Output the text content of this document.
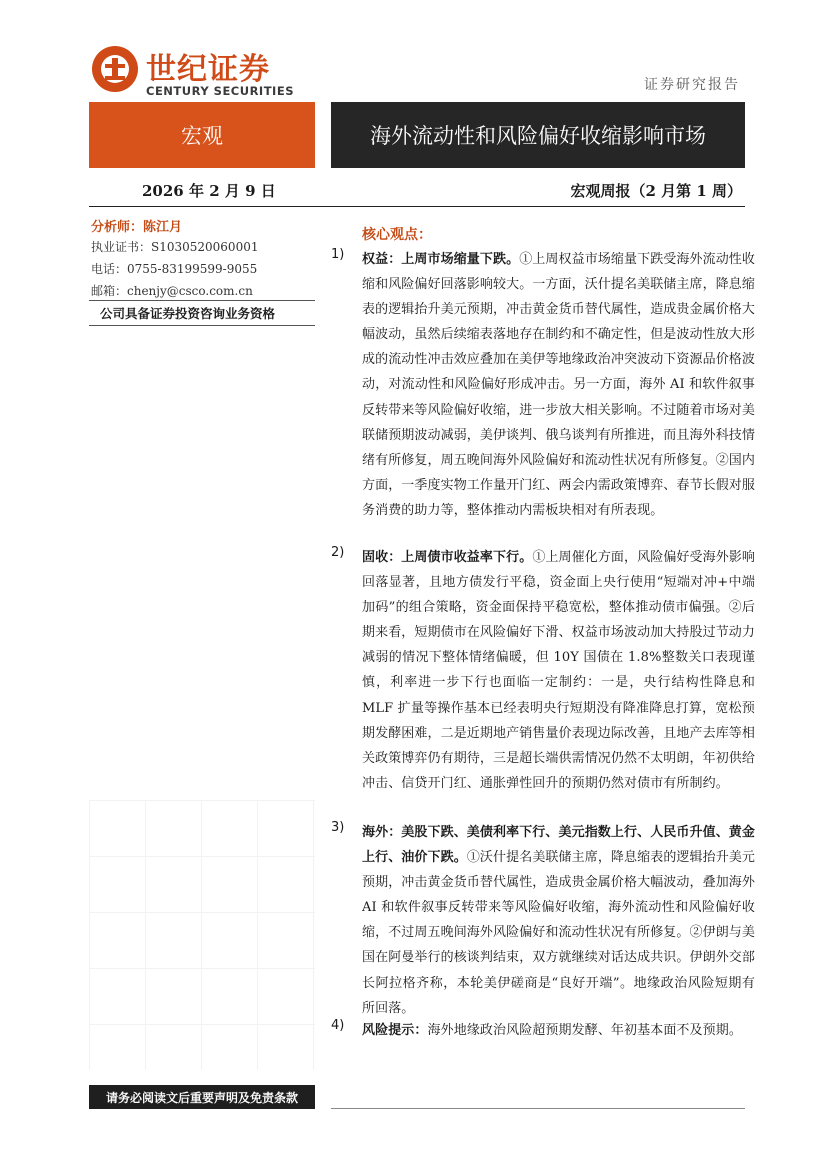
世纪证券
CENTURY SECURITIES	证券研究报告
宏观	海外流动性和风险偏好收缩影响市场
2026 年 2 月 9 日	宏观周报（2 月第 1 周）
分析师：陈江月
执业证书：S1030520060001
电话：0755-83199599-9055
邮箱：chenjy@csco.com.cn
公司具备证券投资咨询业务资格
请务必阅读文后重要声明及免责条款
核心观点：
1) 权益：上周市场缩量下跌。①上周权益市场缩量下跌受海外流动性收缩和风险偏好回落影响较大。一方面，沃什提名美联储主席，降息缩表的逻辑抬升美元预期，冲击黄金货币替代属性，造成贵金属价格大幅波动，虽然后续缩表落地存在制约和不确定性，但是波动性放大形成的流动性冲击效应叠加在美伊等地缘政治冲突波动下资源品价格波动，对流动性和风险偏好形成冲击。另一方面，海外 AI 和软件叙事反转带来等风险偏好收缩，进一步放大相关影响。不过随着市场对美联储预期波动减弱，美伊谈判、俄乌谈判有所推进，而且海外科技情绪有所修复，周五晚间海外风险偏好和流动性状况有所修复。②国内方面，一季度实物工作量开门红、两会内需政策博弈、春节长假对服务消费的助力等，整体推动内需板块相对有所表现。
2) 固收：上周债市收益率下行。①上周催化方面，风险偏好受海外影响回落显著，且地方债发行平稳，资金面上央行使用“短端对冲+中端加码”的组合策略，资金面保持平稳宽松，整体推动债市偏强。②后期来看，短期债市在风险偏好下滑、权益市场波动加大持股过节动力减弱的情况下整体情绪偏暖，但 10Y 国债在 1.8%整数关口表现谨慎，利率进一步下行也面临一定制约：一是，央行结构性降息和 MLF 扩量等操作基本已经表明央行短期没有降准降息打算，宽松预期发酵困难，二是近期地产销售量价表现边际改善，且地产去库等相关政策博弈仍有期待，三是超长端供需情况仍然不太明朗，年初供给冲击、信贷开门红、通胀弹性回升的预期仍然对债市有所制约。
3) 海外：美股下跌、美债利率下行、美元指数上行、人民币升值、黄金上行、油价下跌。①沃什提名美联储主席，降息缩表的逻辑抬升美元预期，冲击黄金货币替代属性，造成贵金属价格大幅波动，叠加海外 AI 和软件叙事反转带来等风险偏好收缩，海外流动性和风险偏好收缩，不过周五晚间海外风险偏好和流动性状况有所修复。②伊朗与美国在阿曼举行的核谈判结束，双方就继续对话达成共识。伊朗外交部长阿拉格齐称，本轮美伊磋商是“良好开端”。地缘政治风险短期有所回落。
4) 风险提示：海外地缘政治风险超预期发酵、年初基本面不及预期。
